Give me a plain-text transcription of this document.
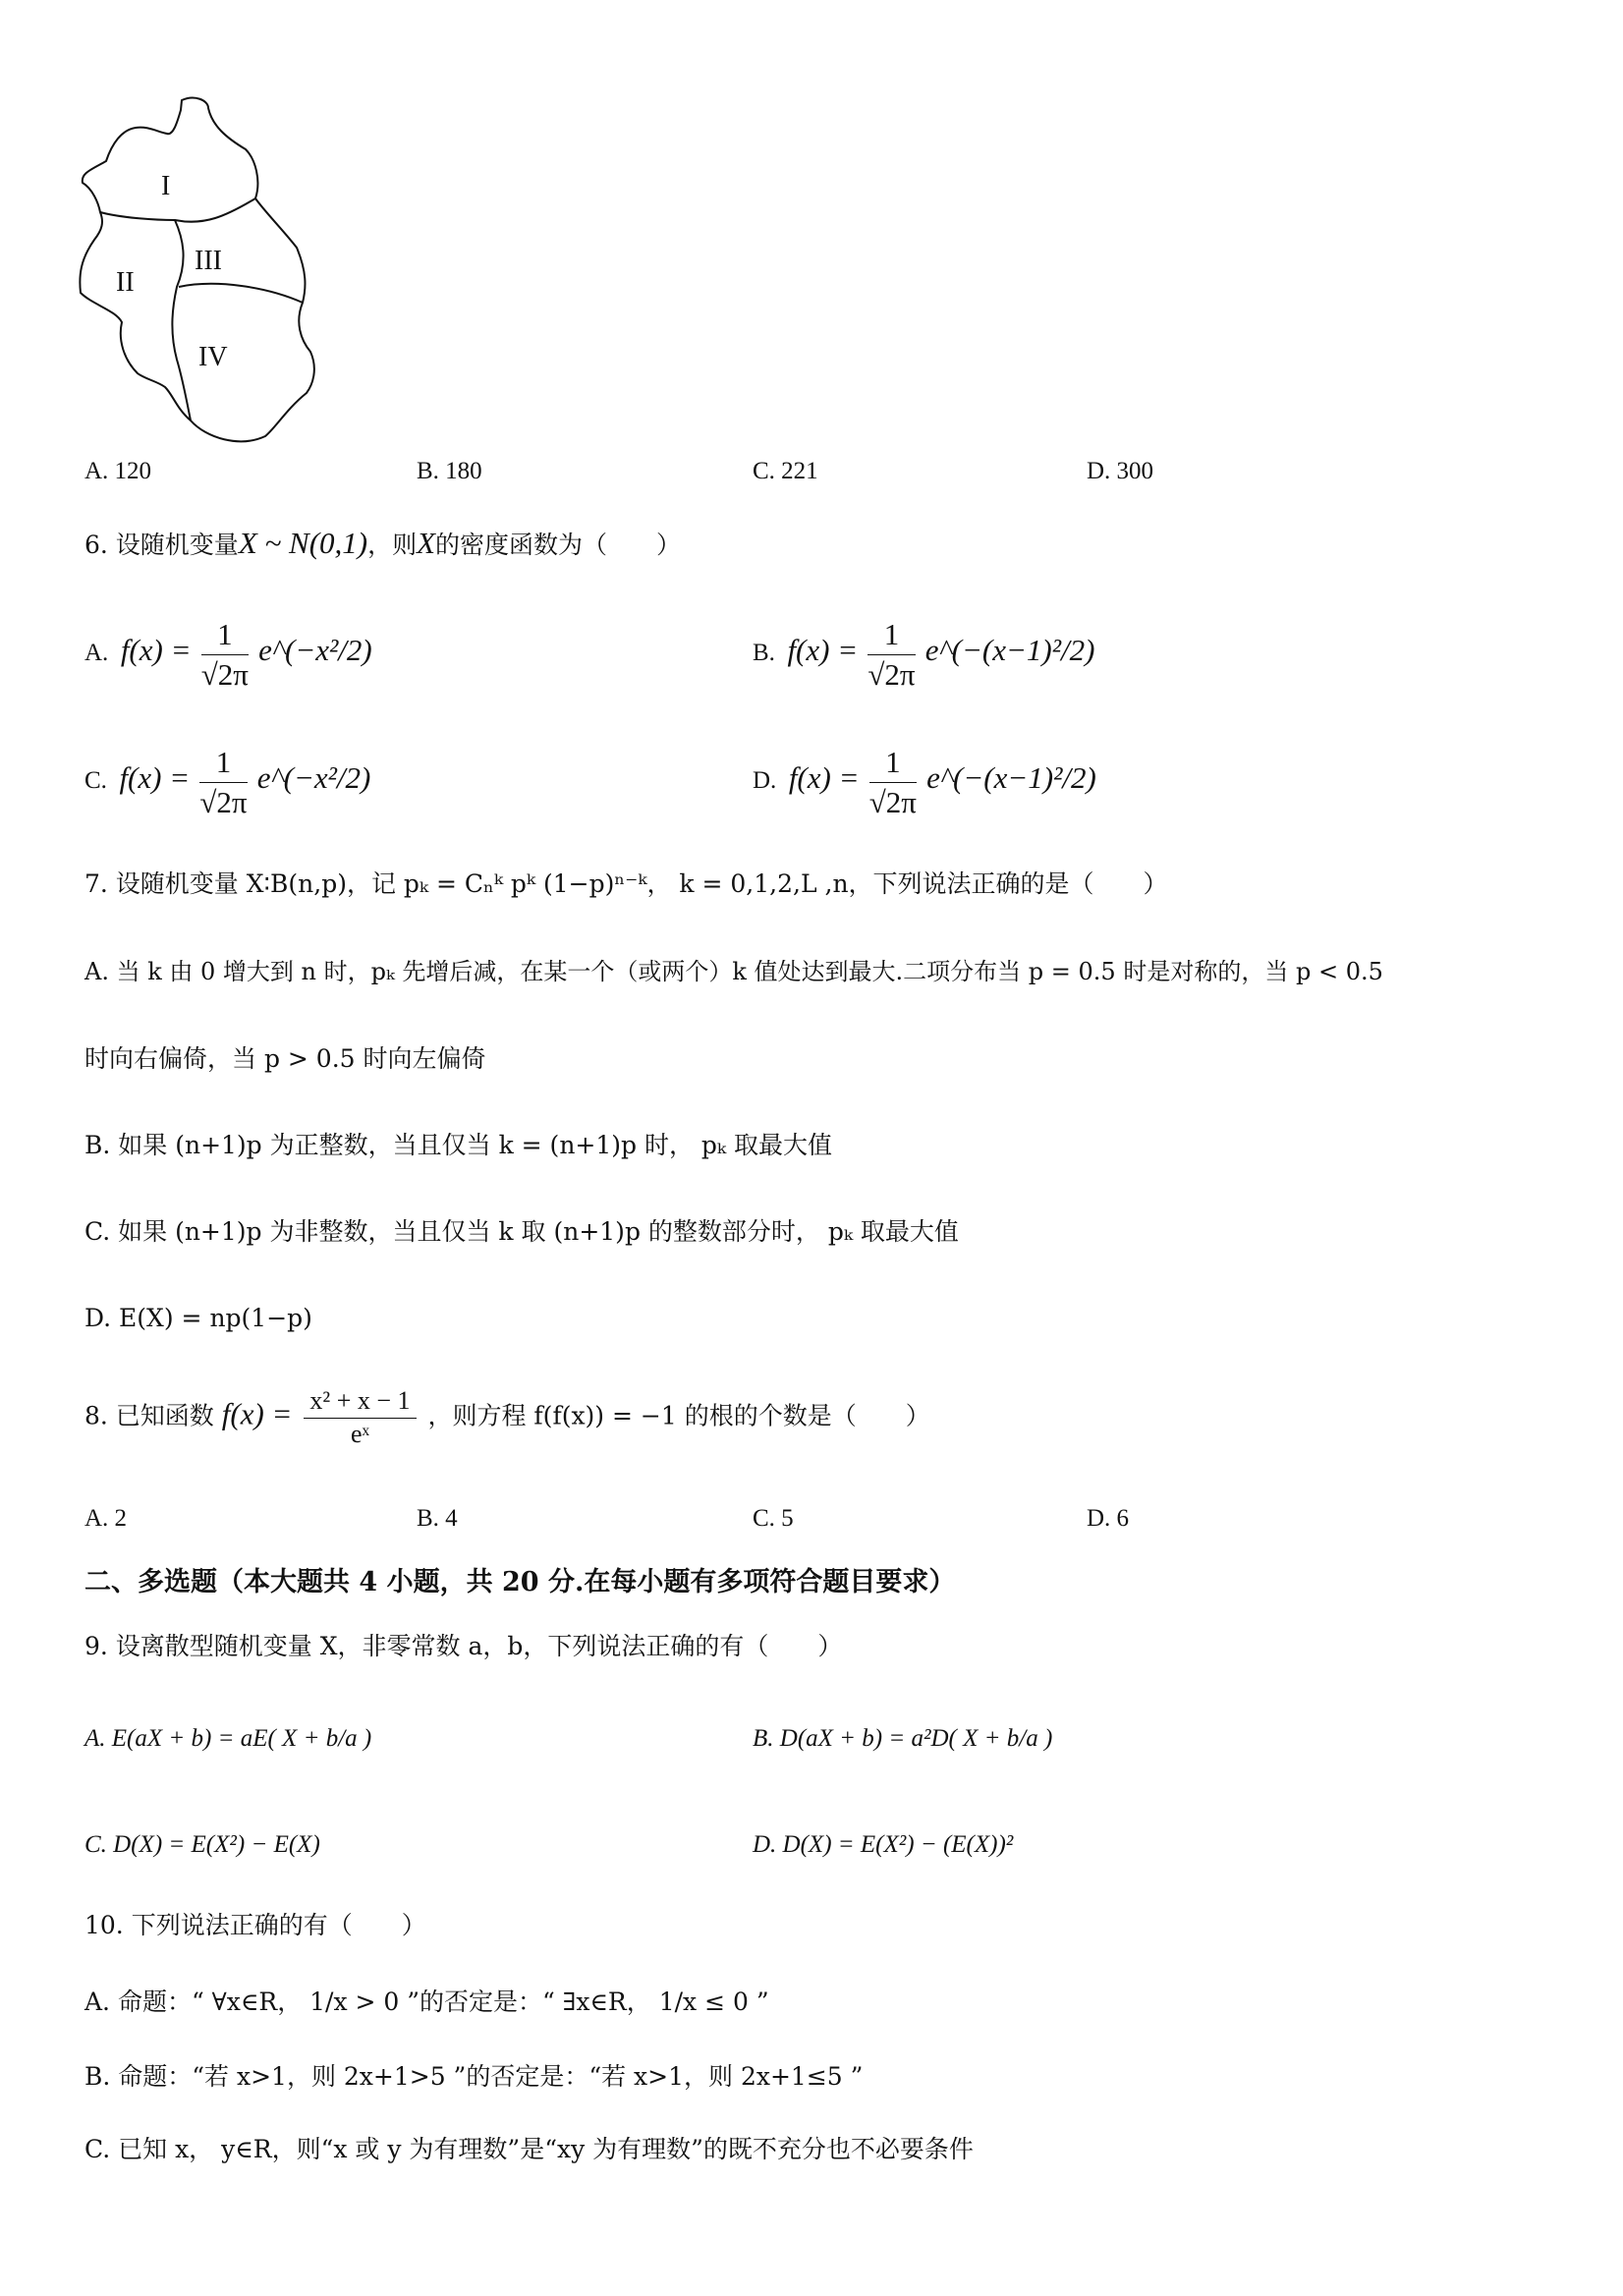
I
II
III
IV
A. 120	B. 180	C. 221	D. 300
6. 设随机变量X ~ N(0,1)，则X的密度函数为（　　）
A. $f(x) = \frac{1}{√2\pi}$ e^(−x²/2)	B. $f(x) = \frac{1}{√2\pi}$ e^(−(x−1)²/2)
C. $f(x) = \frac{1}{√2\pi}$ e^(−x²/2)	D. $f(x) = \frac{1}{√2\pi}$ e^(−(x−1)²/2)
7. 设随机变量 X∶B(n,p)，记 pₖ = Cₙᵏ pᵏ (1−p)ⁿ⁻ᵏ， k = 0,1,2,L ,n，下列说法正确的是（　　）
A. 当 k 由 0 增大到 n 时，pₖ 先增后减，在某一个（或两个）k 值处达到最大.二项分布当 p = 0.5 时是对称的，当 p < 0.5
时向右偏倚，当 p > 0.5 时向左偏倚
B. 如果 (n+1)p 为正整数，当且仅当 k = (n+1)p 时， pₖ 取最大值
C. 如果 (n+1)p 为非整数，当且仅当 k 取 (n+1)p 的整数部分时， pₖ 取最大值
D. E(X) = np(1−p)
8. 已知函数 $f(x) = \frac{\text{x² + x − 1}}{\text{eˣ}}$ ，则方程 f(f(x)) = −1 的根的个数是（　　）
A. 2	B. 4	C. 5	D. 6
二、多选题（本大题共 4 小题，共 20 分.在每小题有多项符合题目要求）
9. 设离散型随机变量 X，非零常数 a，b，下列说法正确的有（　　）
A. E(aX + b) = aE( X + b/a )	B. D(aX + b) = a²D( X + b/a )
C. D(X) = E(X²) − E(X)	D. D(X) = E(X²) − (E(X))²
10. 下列说法正确的有（　　）
A. 命题：“ ∀x∈R， 1/x > 0 ”的否定是：“ ∃x∈R， 1/x ≤ 0 ”
B. 命题：“若 x>1，则 2x+1>5 ”的否定是：“若 x>1，则 2x+1≤5 ”
C. 已知 x， y∈R，则“x 或 y 为有理数”是“xy 为有理数”的既不充分也不必要条件
